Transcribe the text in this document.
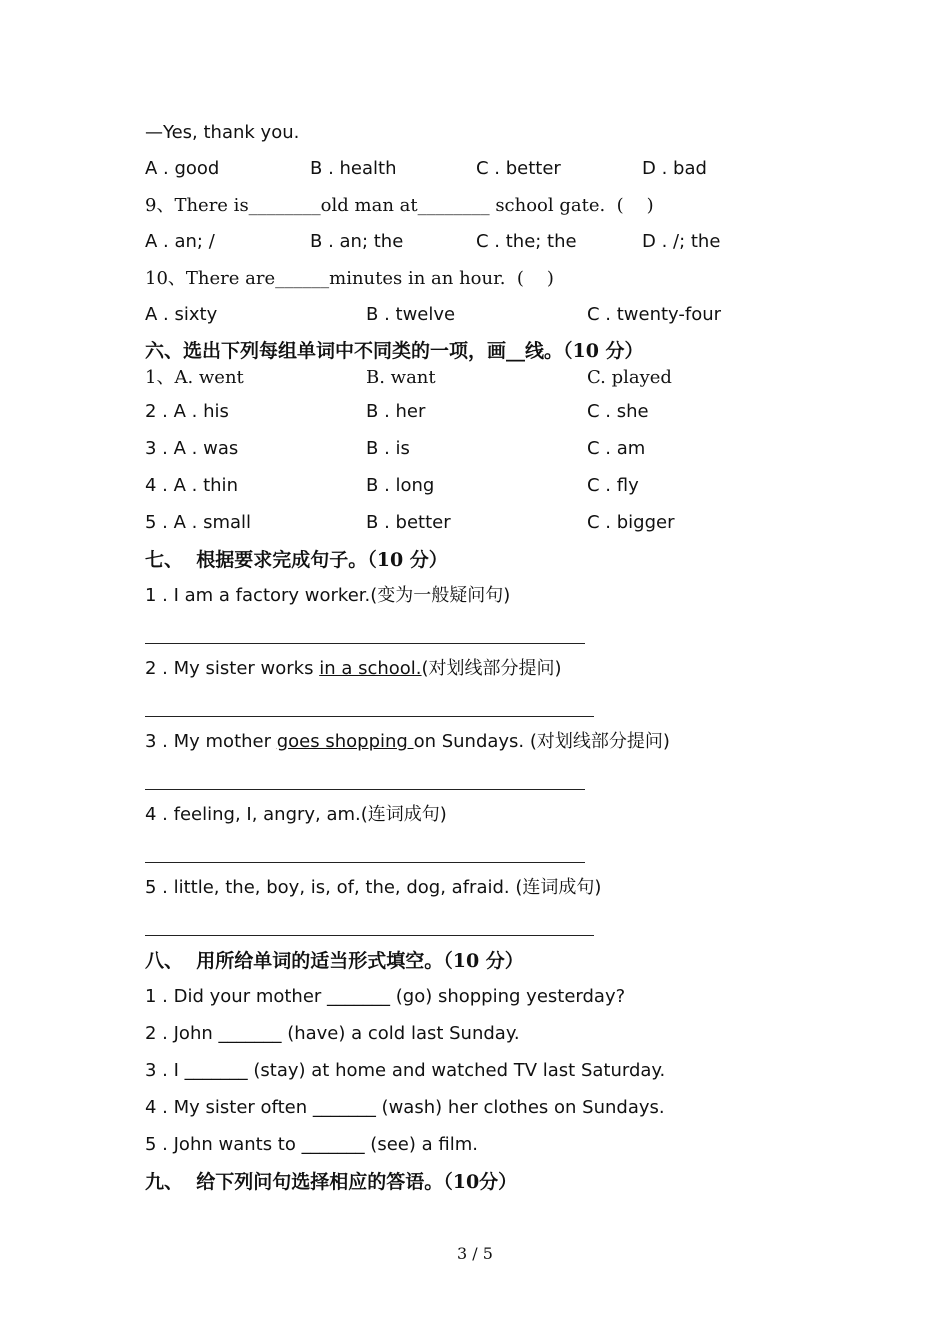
—Yes, thank you.
A . good	B . health	C . better	D . bad
9、There is________old man at________ school gate.  (    )
A . an; /	B . an; the	C . the; the	D . /; the
10、There are______minutes in an hour.  (    )
A . sixty	B . twelve	C . twenty-four
六、选出下列每组单词中不同类的一项，画__线。（10 分）
1、A. went	B. want	C. played
2 . A . his	B . her	C . she
3 . A . was	B . is	C . am
4 . A . thin	B . long	C . fly
5 . A . small	B . better	C . bigger
七、  根据要求完成句子。（10 分）
1 . I am a factory worker.(变为一般疑问句)
2 . My sister works in a school.(对划线部分提问)
3 . My mother goes shopping on Sundays. (对划线部分提问)
4 . feeling, I, angry, am.(连词成句)
5 . little, the, boy, is, of, the, dog, afraid. (连词成句)
八、  用所给单词的适当形式填空。（10 分）
1 . Did your mother _______ (go) shopping yesterday?
2 . John _______ (have) a cold last Sunday.
3 . I _______ (stay) at home and watched TV last Saturday.
4 . My sister often _______ (wash) her clothes on Sundays.
5 . John wants to _______ (see) a film.
九、  给下列问句选择相应的答语。（10分）
3 / 5
